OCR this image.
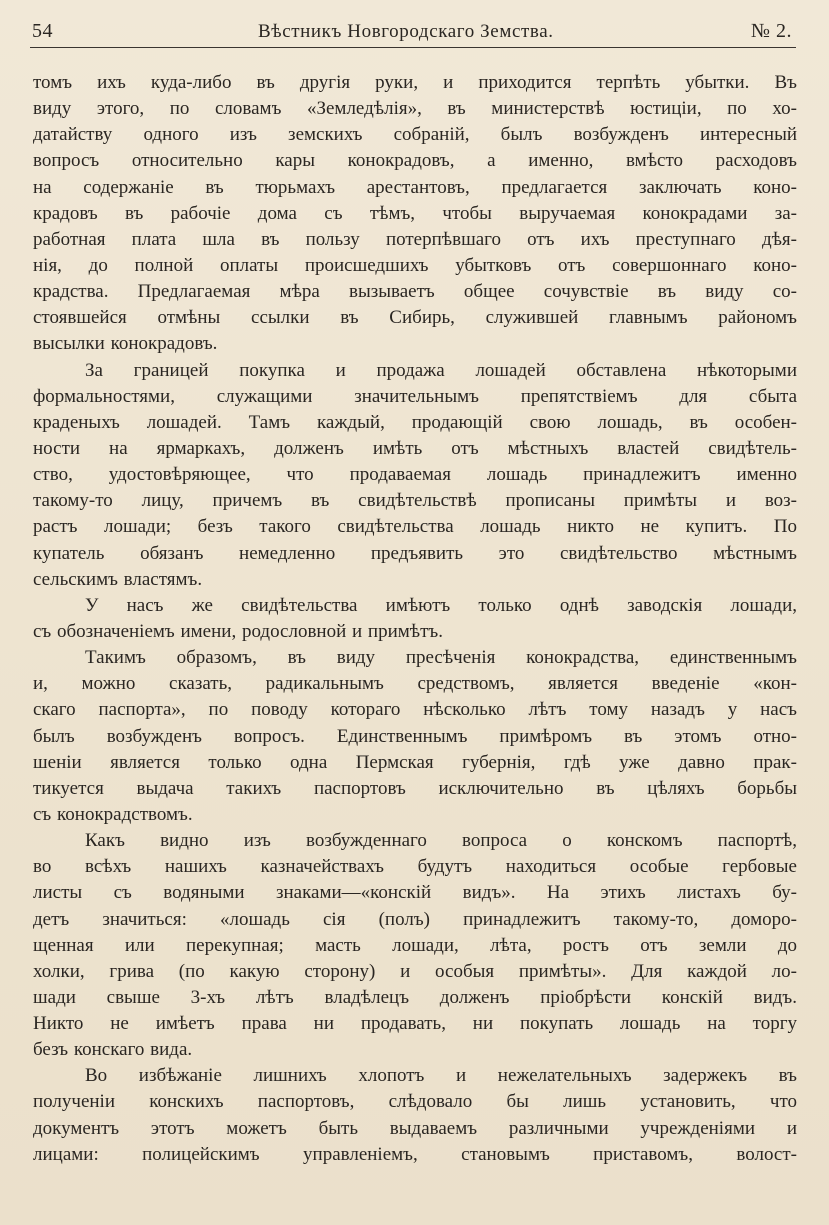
54	Вѣстникъ Новгородскаго Земства.	№ 2.
томъ ихъ куда-либо въ другія руки, и приходится терпѣть убытки. Въ
виду этого, по словамъ «Земледѣлія», въ министерствѣ юстиціи, по хо-
датайству одного изъ земскихъ собраній, былъ возбужденъ интересный
вопросъ относительно кары конокрадовъ, а именно, вмѣсто расходовъ
на содержаніе въ тюрьмахъ арестантовъ, предлагается заключать коно-
крадовъ въ рабочіе дома съ тѣмъ, чтобы выручаемая конокрадами за-
работная плата шла въ пользу потерпѣвшаго отъ ихъ преступнаго дѣя-
нія, до полной оплаты происшедшихъ убытковъ отъ совершоннаго коно-
крадства. Предлагаемая мѣра вызываетъ общее сочувствіе въ виду со-
стоявшейся отмѣны ссылки въ Сибирь, служившей главнымъ райономъ
высылки конокрадовъ.
За границей покупка и продажа лошадей обставлена нѣкоторыми
формальностями, служащими значительнымъ препятствіемъ для сбыта
краденыхъ лошадей. Тамъ каждый, продающій свою лошадь, въ особен-
ности на ярмаркахъ, долженъ имѣть отъ мѣстныхъ властей свидѣтель-
ство, удостовѣряющее, что продаваемая лошадь принадлежитъ именно
такому-то лицу, причемъ въ свидѣтельствѣ прописаны примѣты и воз-
растъ лошади; безъ такого свидѣтельства лошадь никто не купитъ. По
купатель обязанъ немедленно предъявить это свидѣтельство мѣстнымъ
сельскимъ властямъ.
У насъ же свидѣтельства имѣютъ только однѣ заводскія лошади,
съ обозначеніемъ имени, родословной и примѣтъ.
Такимъ образомъ, въ виду пресѣченія конокрадства, единственнымъ
и, можно сказать, радикальнымъ средствомъ, является введеніе «кон-
скаго паспорта», по поводу котораго нѣсколько лѣтъ тому назадъ у насъ
былъ возбужденъ вопросъ. Единственнымъ примѣромъ въ этомъ отно-
шеніи является только одна Пермская губернія, гдѣ уже давно прак-
тикуется выдача такихъ паспортовъ исключительно въ цѣляхъ борьбы
съ конокрадствомъ.
Какъ видно изъ возбужденнаго вопроса о конскомъ паспортѣ,
во всѣхъ нашихъ казначействахъ будутъ находиться особые гербовые
листы съ водяными знаками—«конскій видъ». На этихъ листахъ бу-
детъ значиться: «лошадь сія (полъ) принадлежитъ такому-то, доморо-
щенная или перекупная; масть лошади, лѣта, ростъ отъ земли до
холки, грива (по какую сторону) и особыя примѣты». Для каждой ло-
шади свыше 3-хъ лѣтъ владѣлецъ долженъ пріобрѣсти конскій видъ.
Никто не имѣетъ права ни продавать, ни покупать лошадь на торгу
безъ конскаго вида.
Во избѣжаніе лишнихъ хлопотъ и нежелательныхъ задержекъ въ
полученіи конскихъ паспортовъ, слѣдовало бы лишь установить, что
документъ этотъ можетъ быть выдаваемъ различными учрежденіями и
лицами: полицейскимъ управленіемъ, становымъ приставомъ, волост-
